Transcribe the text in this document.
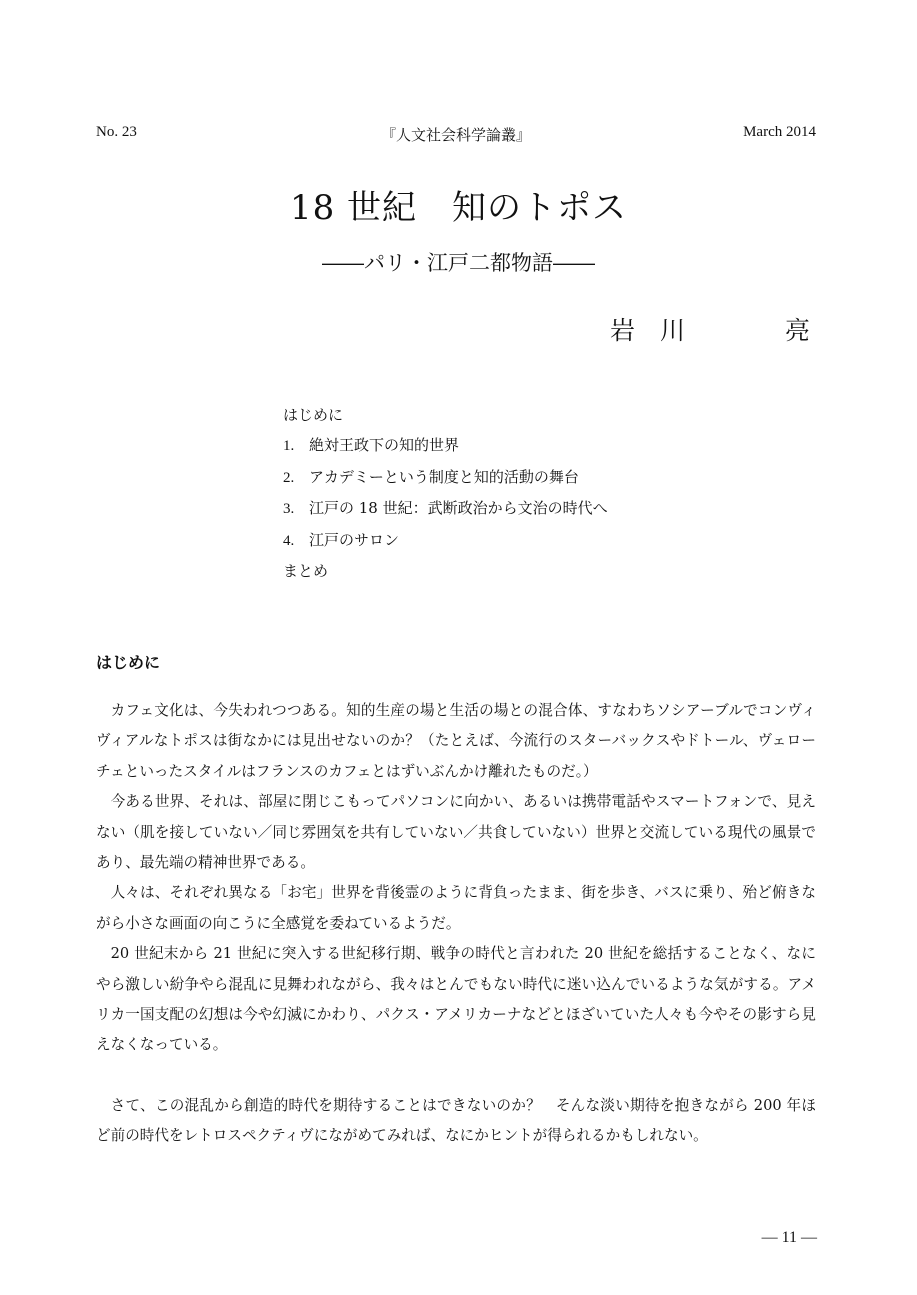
No. 23	『人文社会科学論叢』	March 2014
18 世紀　知のトポス
――パリ・江戸二都物語――
岩　川	亮
はじめに
1. 絶対王政下の知的世界
2. アカデミーという制度と知的活動の舞台
3. 江戸の 18 世紀：武断政治から文治の時代へ
4. 江戸のサロン
まとめ
はじめに

カフェ文化は、今失われつつある。知的生産の場と生活の場との混合体、すなわちソシアーブルでコンヴィヴィアルなトポスは街なかには見出せないのか？（たとえば、今流行のスターバックスやドトール、ヴェローチェといったスタイルはフランスのカフェとはずいぶんかけ離れたものだ。）

今ある世界、それは、部屋に閉じこもってパソコンに向かい、あるいは携帯電話やスマートフォンで、見えない（肌を接していない／同じ雰囲気を共有していない／共食していない）世界と交流している現代の風景であり、最先端の精神世界である。

人々は、それぞれ異なる「お宅」世界を背後霊のように背負ったまま、街を歩き、バスに乗り、殆ど俯きながら小さな画面の向こうに全感覚を委ねているようだ。

20 世紀末から 21 世紀に突入する世紀移行期、戦争の時代と言われた 20 世紀を総括することなく、なにやら激しい紛争やら混乱に見舞われながら、我々はとんでもない時代に迷い込んでいるような気がする。アメリカ一国支配の幻想は今や幻滅にかわり、パクス・アメリカーナなどとほざいていた人々も今やその影すら見えなくなっている。

さて、この混乱から創造的時代を期待することはできないのか？　そんな淡い期待を抱きながら 200 年ほど前の時代をレトロスペクティヴにながめてみれば、なにかヒントが得られるかもしれない。

― 11 ―
